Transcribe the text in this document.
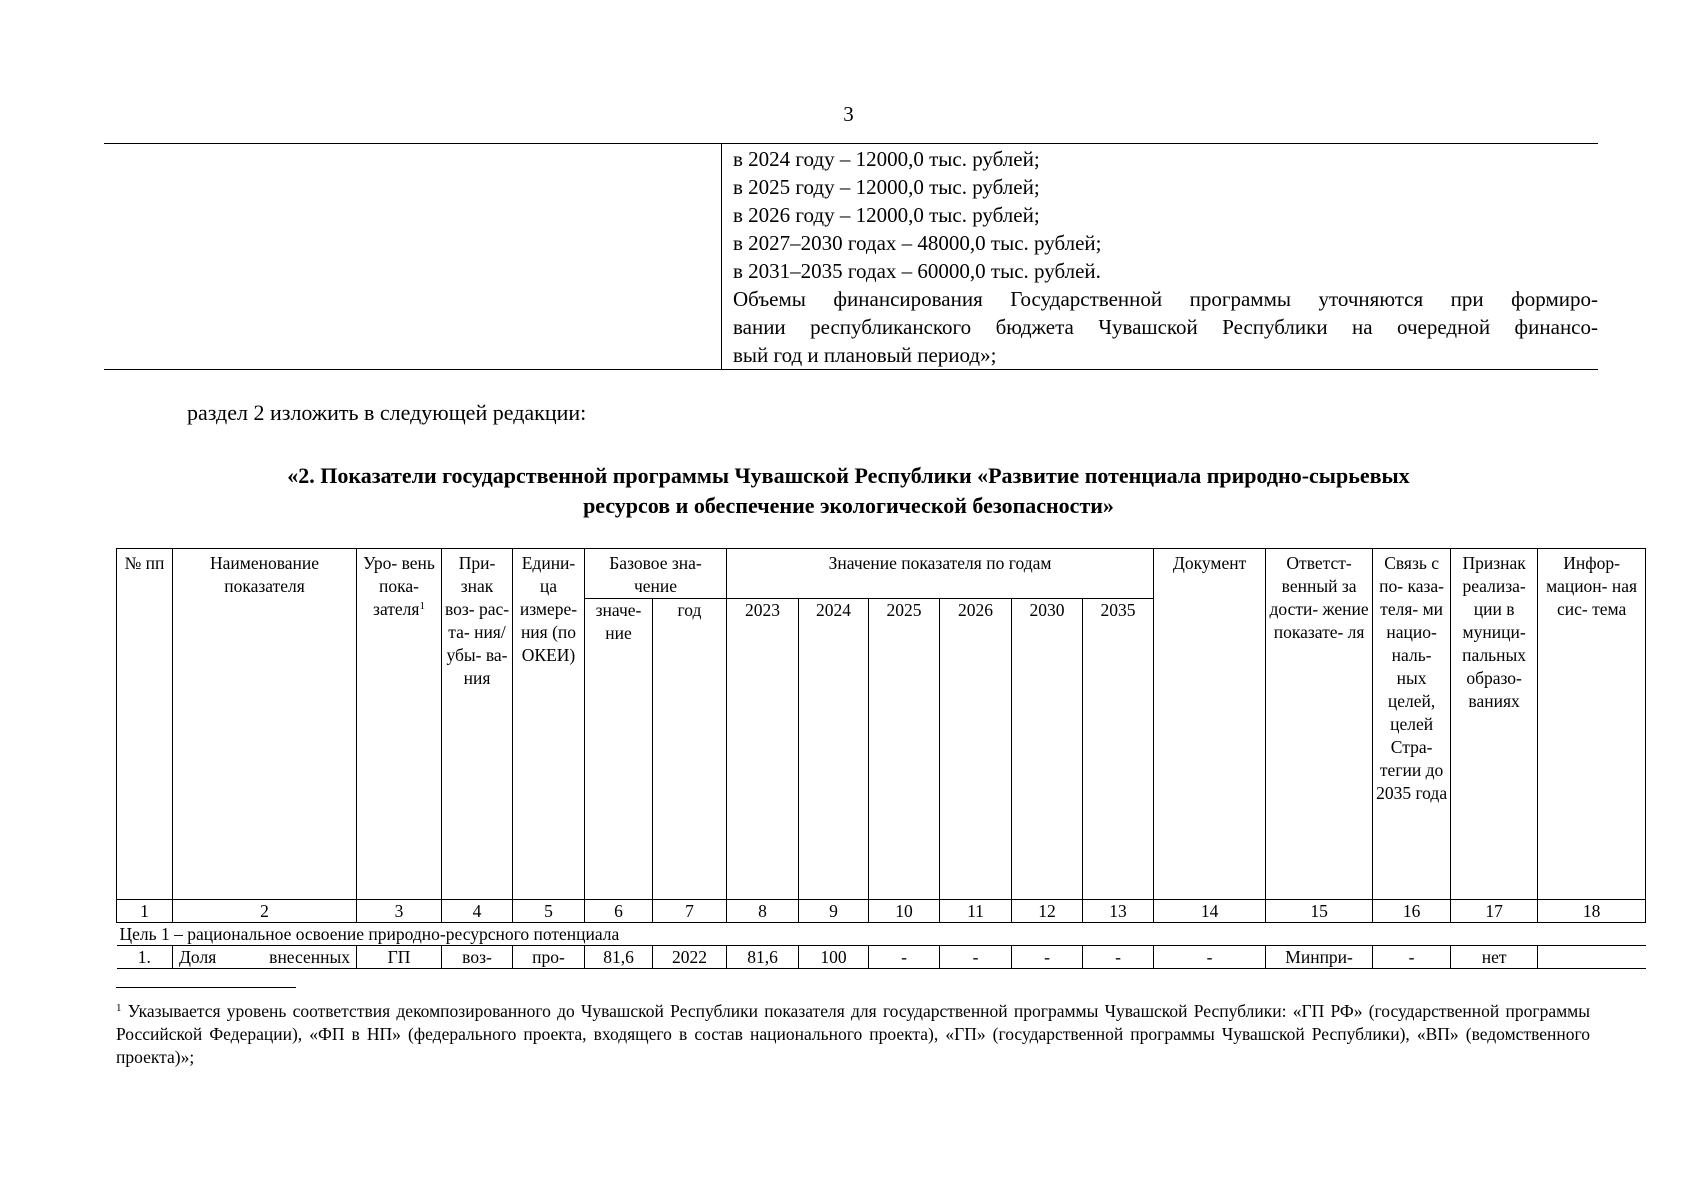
3

в 2024 году – 12000,0 тыс. рублей;
в 2025 году – 12000,0 тыс. рублей;
в 2026 году – 12000,0 тыс. рублей;
в 2027–2030 годах – 48000,0 тыс. рублей;
в 2031–2035 годах – 60000,0 тыс. рублей.
Объемы финансирования Государственной программы уточняются при формиро-
вании республиканского бюджета Чувашской Республики на очередной финансо-
вый год и плановый период»;
раздел 2 изложить в следующей редакции:
«2. Показатели государственной программы Чувашской Республики «Развитие потенциала природно-сырьевых
ресурсов и обеспечение экологической безопасности»
№ пп	Наименование показателя	Уро- вень пока- зателя$^1$	При- знак воз- рас- та- ния/ убы- ва- ния	Едини- ца измере- ния (по ОКЕИ)	Базовое зна- чение		Значение показателя по годам						Документ	Ответст- венный за дости- жение показате- ля	Связь с по- каза- теля- ми нацио- наль- ных целей, целей Стра- тегии до 2035 года	Признак реализа- ции в муници- пальных образо- ваниях	Инфор- мацион- ная сис- тема
					значе- ние	год	2023	2024	2025	2026	2030	2035					
1	2	3	4	5	6	7	8	9	10	11	12	13	14	15	16	17	18
Цель 1 – рациональное освоение природно-ресурсного потенциала																	
1.	Доля внесенных	ГП	воз-	про-	81,6	2022	81,6	100	-	-	-	-	-	Минпри-	-	нет	
$^1$ Указывается уровень соответствия декомпозированного до Чувашской Республики показателя для государственной программы Чувашской Республики: «ГП РФ» (государственной программы Российской Федерации), «ФП в НП» (федерального проекта, входящего в состав национального проекта), «ГП» (государственной программы Чувашской Республики), «ВП» (ведомственного проекта)»;
